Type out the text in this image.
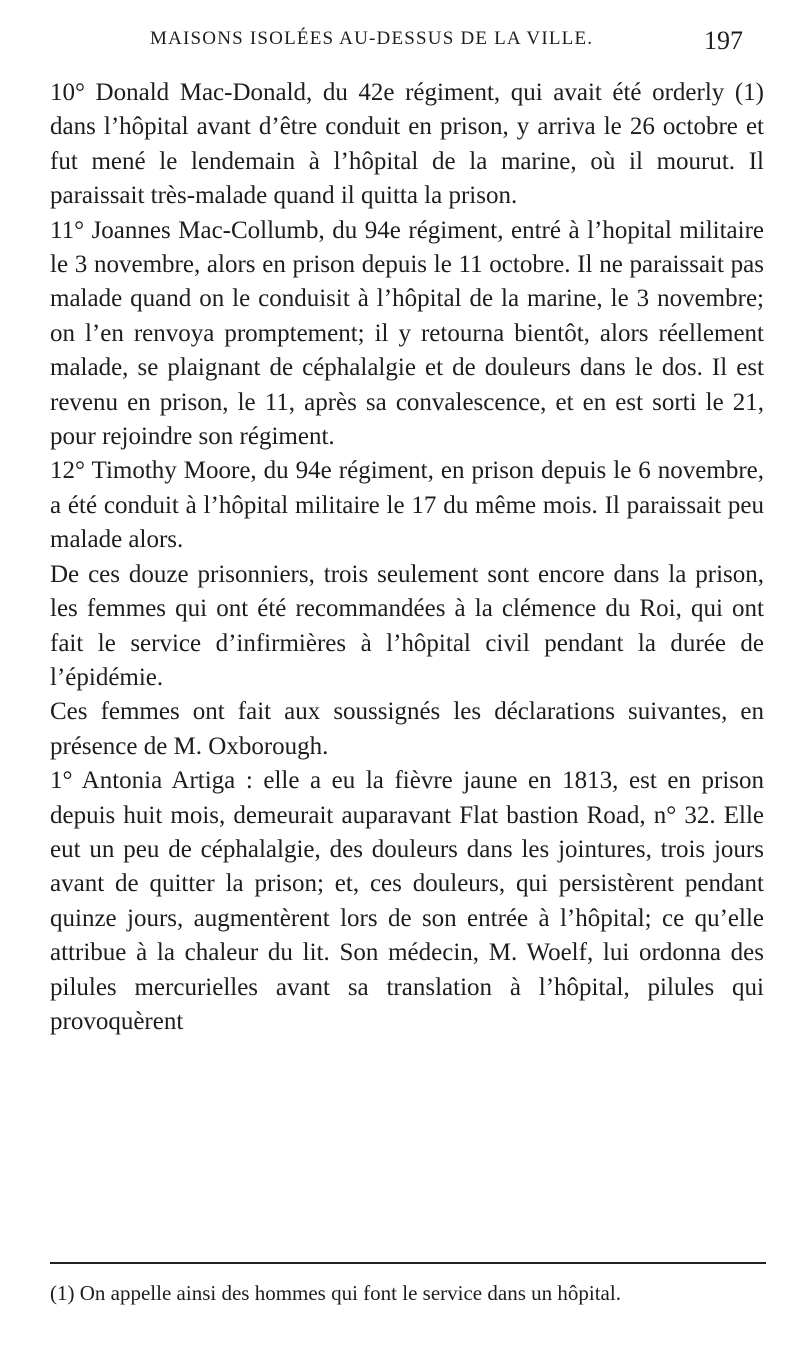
MAISONS ISOLÉES AU-DESSUS DE LA VILLE.	197

10° Donald Mac-Donald, du 42e régiment, qui avait été orderly (1) dans l’hôpital avant d’être conduit en prison, y arriva le 26 octobre et fut mené le lendemain à l’hôpital de la marine, où il mourut. Il paraissait très-malade quand il quitta la prison.

11° Joannes Mac-Collumb, du 94e régiment, entré à l’hopital militaire le 3 novembre, alors en prison depuis le 11 octobre. Il ne paraissait pas malade quand on le conduisit à l’hôpital de la marine, le 3 novembre; on l’en renvoya promptement; il y retourna bientôt, alors réellement malade, se plaignant de céphalalgie et de douleurs dans le dos. Il est revenu en prison, le 11, après sa convalescence, et en est sorti le 21, pour rejoindre son régiment.

12° Timothy Moore, du 94e régiment, en prison depuis le 6 novembre, a été conduit à l’hôpital militaire le 17 du même mois. Il paraissait peu malade alors.

De ces douze prisonniers, trois seulement sont encore dans la prison, les femmes qui ont été recommandées à la clémence du Roi, qui ont fait le service d’infirmières à l’hôpital civil pendant la durée de l’épidémie.

Ces femmes ont fait aux soussignés les déclarations suivantes, en présence de M. Oxborough.

1° Antonia Artiga : elle a eu la fièvre jaune en 1813, est en prison depuis huit mois, demeurait auparavant Flat bastion Road, n° 32. Elle eut un peu de céphalalgie, des douleurs dans les jointures, trois jours avant de quitter la prison; et, ces douleurs, qui persistèrent pendant quinze jours, augmentèrent lors de son entrée à l’hôpital; ce qu’elle attribue à la chaleur du lit. Son médecin, M. Woelf, lui ordonna des pilules mercurielles avant sa translation à l’hôpital, pilules qui provoquèrent

(1) On appelle ainsi des hommes qui font le service dans un hôpital.
